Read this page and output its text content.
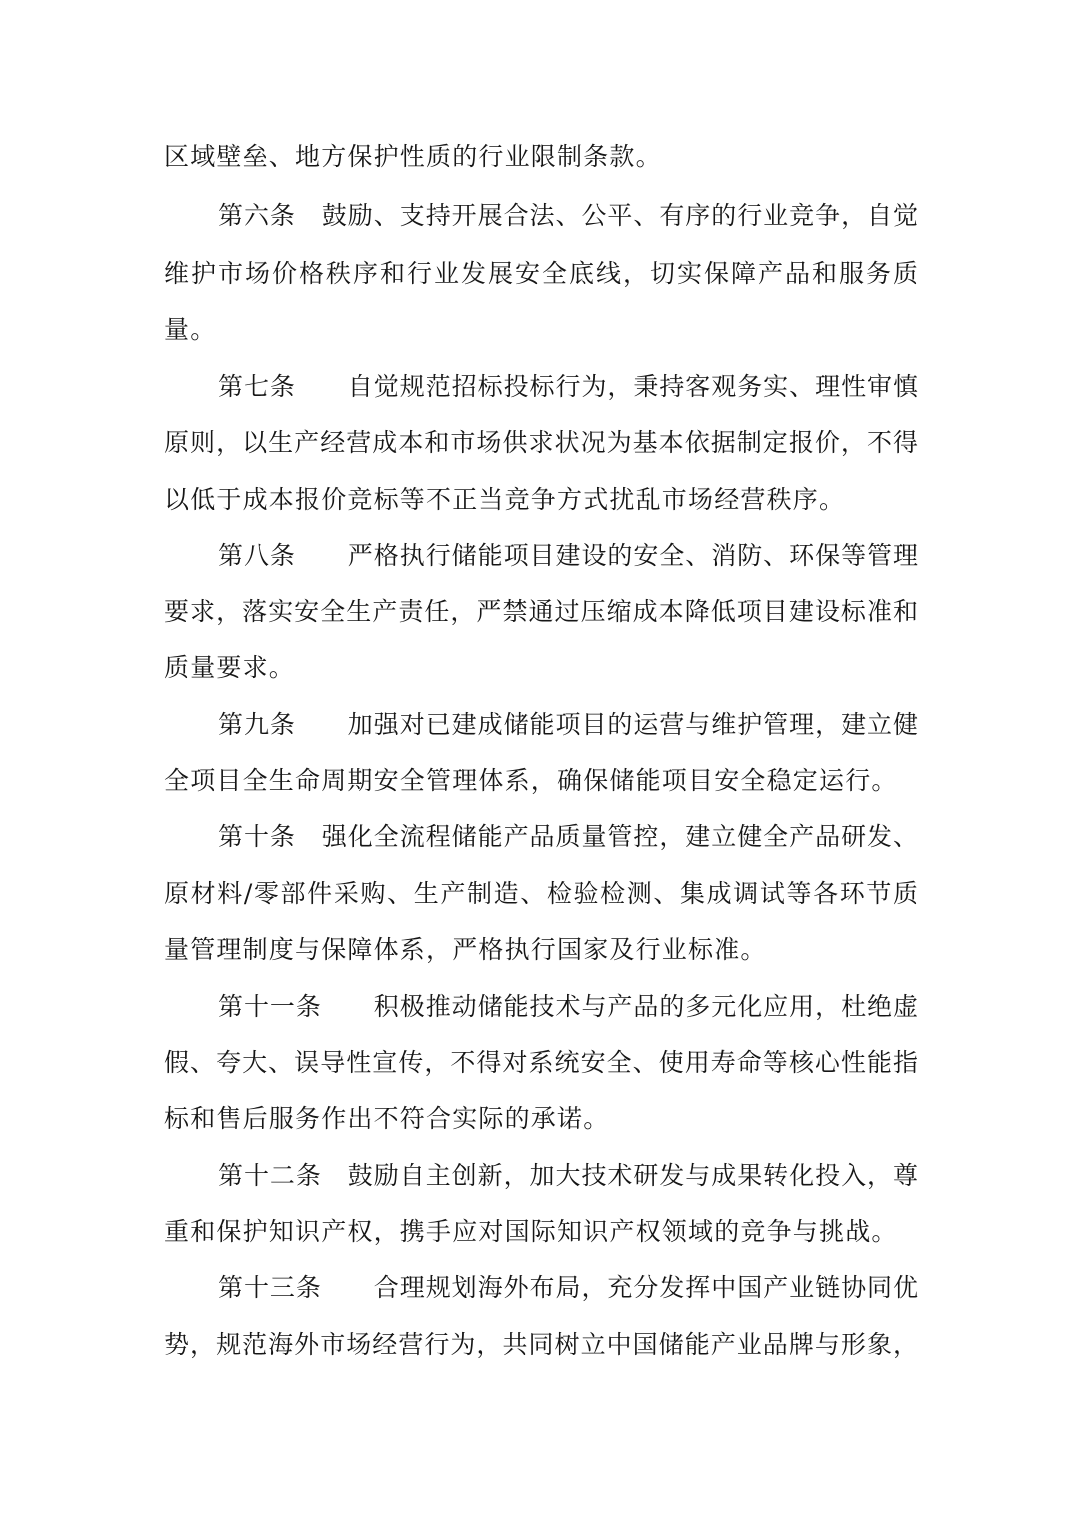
区域壁垒、地方保护性质的行业限制条款。
第六条　鼓励、支持开展合法、公平、有序的行业竞争，自觉
维护市场价格秩序和行业发展安全底线，切实保障产品和服务质
量。
第七条　　自觉规范招标投标行为，秉持客观务实、理性审慎
原则，以生产经营成本和市场供求状况为基本依据制定报价，不得
以低于成本报价竞标等不正当竞争方式扰乱市场经营秩序。
第八条　　严格执行储能项目建设的安全、消防、环保等管理
要求，落实安全生产责任，严禁通过压缩成本降低项目建设标准和
质量要求。
第九条　　加强对已建成储能项目的运营与维护管理，建立健
全项目全生命周期安全管理体系，确保储能项目安全稳定运行。
第十条　强化全流程储能产品质量管控，建立健全产品研发、
原材料/零部件采购、生产制造、检验检测、集成调试等各环节质
量管理制度与保障体系，严格执行国家及行业标准。
第十一条　　积极推动储能技术与产品的多元化应用，杜绝虚
假、夸大、误导性宣传，不得对系统安全、使用寿命等核心性能指
标和售后服务作出不符合实际的承诺。
第十二条　鼓励自主创新，加大技术研发与成果转化投入，尊
重和保护知识产权，携手应对国际知识产权领域的竞争与挑战。
第十三条　　合理规划海外布局，充分发挥中国产业链协同优
势，规范海外市场经营行为，共同树立中国储能产业品牌与形象，
